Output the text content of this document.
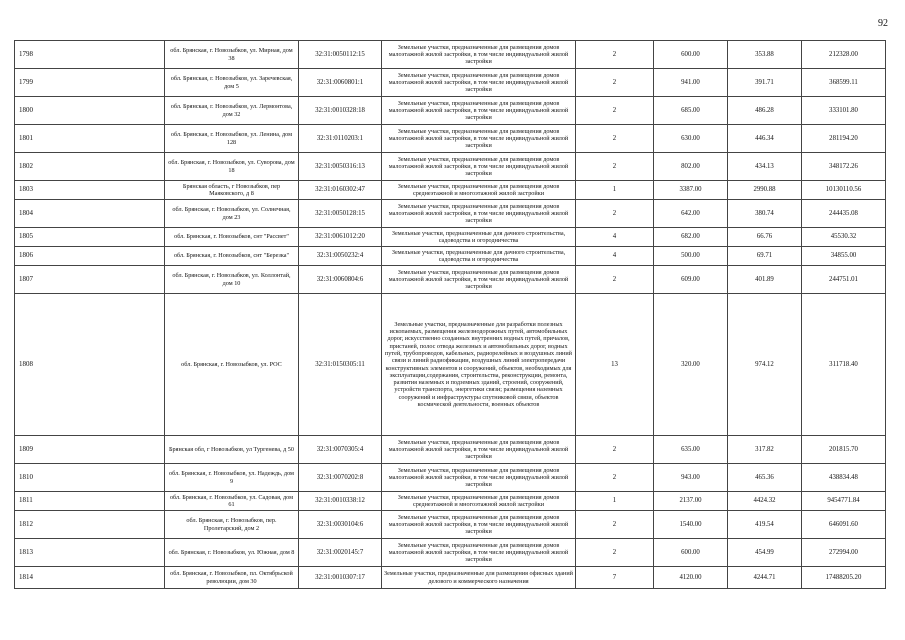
92
1798	обл. Брянская, г. Новозыбков, ул. Мирная, дом 38	32:31:0050112:15	Земельные участки, предназначенные для размещения домов малоэтажной жилой застройки, в том числе индивидуальной жилой застройки	2	600.00	353.88	212328.00
1799	обл. Брянская, г. Новозыбков, ул. Заречевская, дом 5	32:31:0060801:1	Земельные участки, предназначенные для размещения домов малоэтажной жилой застройки, в том числе индивидуальной жилой застройки	2	941.00	391.71	368599.11
1800	обл. Брянская, г. Новозыбков, ул. Лермонтова, дом 32	32:31:0010328:18	Земельные участки, предназначенные для размещения домов малоэтажной жилой застройки, в том числе индивидуальной жилой застройки	2	685.00	486.28	333101.80
1801	обл. Брянская, г. Новозыбков, ул. Ленина, дом 128	32:31:0110203:1	Земельные участки, предназначенные для размещения домов малоэтажной жилой застройки, в том числе индивидуальной жилой застройки	2	630.00	446.34	281194.20
1802	обл. Брянская, г. Новозыбков, ул. Суворова, дом 18	32:31:0050316:13	Земельные участки, предназначенные для размещения домов малоэтажной жилой застройки, в том числе индивидуальной жилой застройки	2	802.00	434.13	348172.26
1803	Брянская область, г Новозыбков, пер Маяковского, д 8	32:31:0160302:47	Земельные участки, предназначенные для размещения домов среднеэтажной и многоэтажной жилой застройки	1	3387.00	2990.88	10130110.56
1804	обл. Брянская, г. Новозыбков, ул. Солнечная, дом 23	32:31:0050128:15	Земельные участки, предназначенные для размещения домов малоэтажной жилой застройки, в том числе индивидуальной жилой застройки	2	642.00	380.74	244435.08
1805	обл. Брянская, г. Новозыбков, снт "Рассвет"	32:31:0061012:20	Земельные участки, предназначенные для дачного строительства, садоводства и огородничества	4	682.00	66.76	45530.32
1806	обл. Брянская, г. Новозыбков, снт "Березка"	32:31:0050232:4	Земельные участки, предназначенные для дачного строительства, садоводства и огородничества	4	500.00	69.71	34855.00
1807	обл. Брянская, г. Новозыбков, ул. Коллонтай, дом 10	32:31:0060804:6	Земельные участки, предназначенные для размещения домов малоэтажной жилой застройки, в том числе индивидуальной жилой застройки	2	609.00	401.89	244751.01
1808	обл. Брянская, г. Новозыбков, ул. РОС	32:31:0150305:11	Земельные участки, предназначенные для разработки полезных ископаемых, размещения железнодорожных путей, автомобильных дорог, искусственно созданных внутренних водных путей, причалов, пристаней, полос отвода железных и автомобильных дорог, водных путей, трубопроводов, кабельных, радиорелейных и воздушных линий связи и линий радиофикации, воздушных линий электропередачи конструктивных элементов и сооружений, объектов, необходимых для эксплуатации,содержания, строительства, реконструкции, ремонта, развития наземных и подземных зданий, строений, сооружений, устройств транспорта, энергетики связи; размещения наземных сооружений и инфраструктуры спутниковой связи, объектов космической деятельности, военных объектов	13	320.00	974.12	311718.40
1809	Брянская обл, г Новозыбков, ул Тургенева, д 50	32:31:0070305:4	Земельные участки, предназначенные для размещения домов малоэтажной жилой застройки, в том числе индивидуальной жилой застройки	2	635.00	317.82	201815.70
1810	обл. Брянская, г. Новозыбков, ул. Надеждь, дом 9	32:31:0070202:8	Земельные участки, предназначенные для размещения домов малоэтажной жилой застройки, в том числе индивидуальной жилой застройки	2	943.00	465.36	438834.48
1811	обл. Брянская, г. Новозыбков, ул. Садовая, дом 61	32:31:0010338:12	Земельные участки, предназначенные для размещения домов среднеэтажной и многоэтажной жилой застройки	1	2137.00	4424.32	9454771.84
1812	обл. Брянская, г. Новозыбков, пер. Пролетарский, дом 2	32:31:0030104:6	Земельные участки, предназначенные для размещения домов малоэтажной жилой застройки, в том числе индивидуальной жилой застройки	2	1540.00	419.54	646091.60
1813	обл. Брянская, г. Новозыбков, ул. Южная, дом 8	32:31:0020145:7	Земельные участки, предназначенные для размещения домов малоэтажной жилой застройки, в том числе индивидуальной жилой застройки	2	600.00	454.99	272994.00
1814	обл. Брянская, г. Новозыбков, пл. Октябрьской революции, дом 30	32:31:0010307:17	Земельные участки, предназначенные для размещения офисных зданий делового и коммерческого назначения	7	4120.00	4244.71	17488205.20
